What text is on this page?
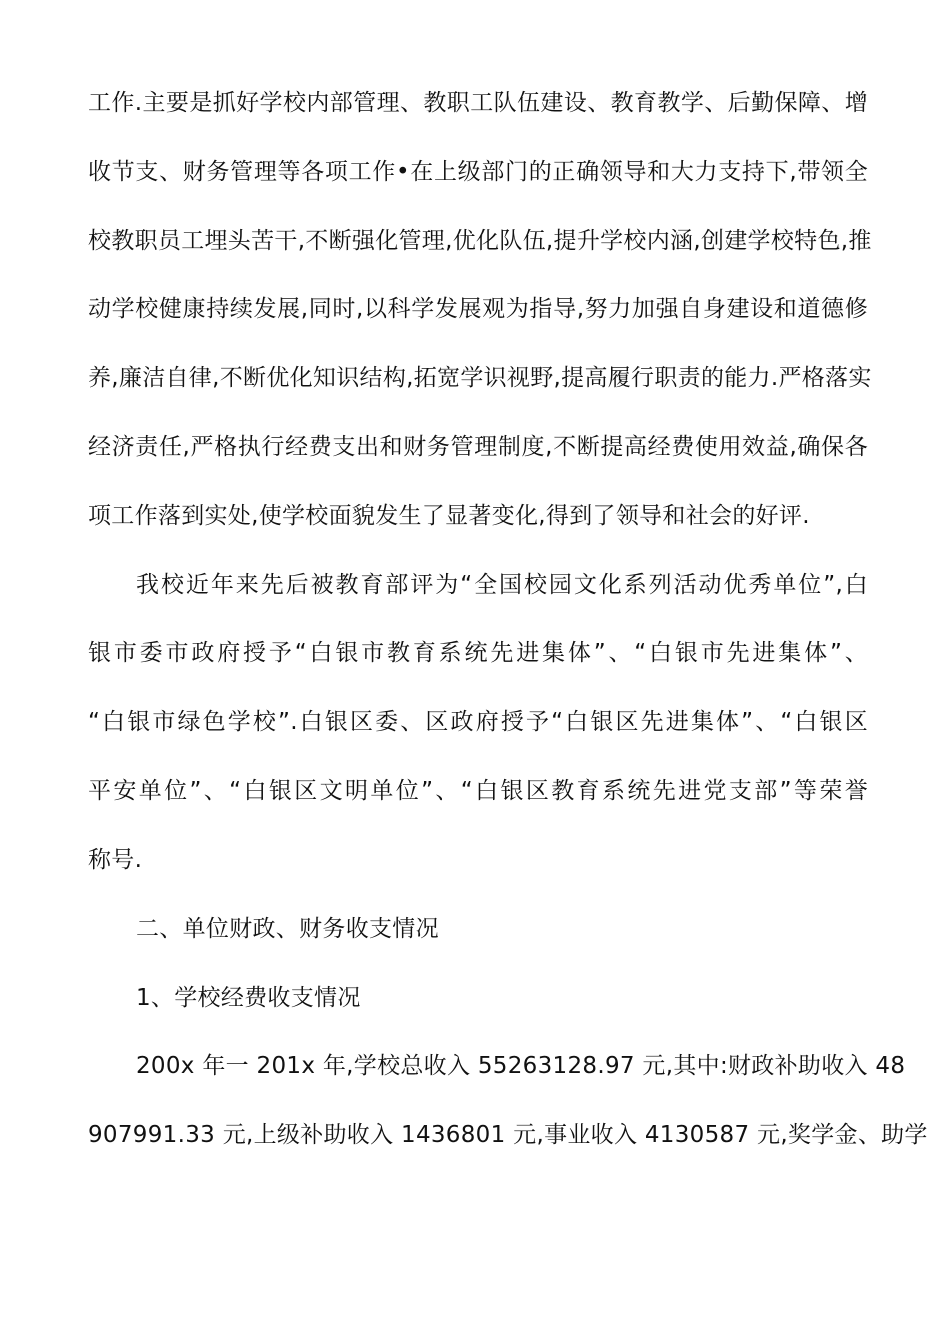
工作.主要是抓好学校内部管理、教职工队伍建设、教育教学、后勤保障、增
收节支、财务管理等各项工作•在上级部门的正确领导和大力支持下,带领全
校教职员工埋头苦干,不断强化管理,优化队伍,提升学校内涵,创建学校特色,推
动学校健康持续发展,同时,以科学发展观为指导,努力加强自身建设和道德修
养,廉洁自律,不断优化知识结构,拓宽学识视野,提高履行职责的能力.严格落实
经济责任,严格执行经费支出和财务管理制度,不断提高经费使用效益,确保各
项工作落到实处,使学校面貌发生了显著变化,得到了领导和社会的好评.
我校近年来先后被教育部评为“全国校园文化系列活动优秀单位”,白
银市委市政府授予“白银市教育系统先进集体”、“白银市先进集体”、
“白银市绿色学校”.白银区委、区政府授予“白银区先进集体”、“白银区
平安单位”、“白银区文明单位”、“白银区教育系统先进党支部”等荣誉
称号.
二、单位财政、财务收支情况
1、学校经费收支情况
200x 年一 201x 年,学校总收入 55263128.97 元,其中:财政补助收入 48
907991.33 元,上级补助收入 1436801 元,事业收入 4130587 元,奖学金、助学
